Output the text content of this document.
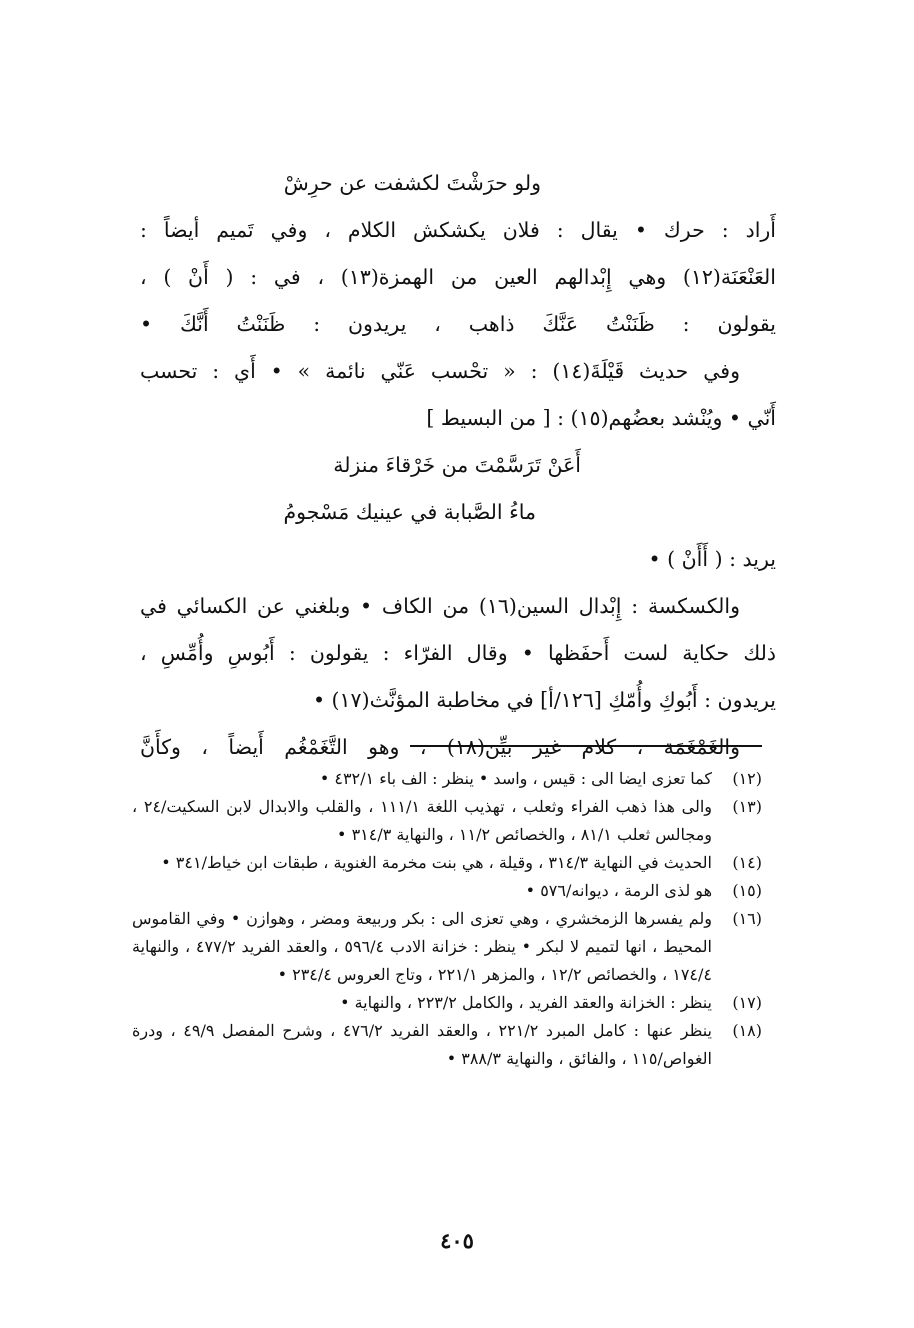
ولو حرَشْتَ لكشفت عن حرِشْ
أَراد : حرك • يقال : فلان يكشكش الكلام ، وفي تَميم أيضاً :
العَنْعَنَة(١٢) وهي إِبْدالهم العين من الهمزة(١٣) ، في : ( أَنْ ) ،
يقولون : ظَنَنْتُ عَنَّكَ ذاهب ، يريدون : ظَنَنْتُ أَنَّكَ •
وفي حديث قَيْلَةَ(١٤) : « تحْسب عَنّي نائمة » • أَي : تحسب
أَنّي • ويُنْشد بعضُهم(١٥) : [ من البسيط ]
أَعَنْ تَرَسَّمْتَ من خَرْقاءَ منزلة
ماءُ الصَّبابة في عينيك مَسْجومُ
يريد : ( أَأَنْ ) •
والكسكسة : إِبْدال السين(١٦) من الكاف • وبلغني عن الكسائي في
ذلك حكاية لست أَحفَظها • وقال الفرّاء : يقولون : أَبُوسِ وأُمِّسِ ،
يريدون : أَبُوكِ وأُمّكِ [١٢٦/أ] في مخاطبة المؤنَّث(١٧) •
والغَمْغَمَة ، كلام غير بيِّن(١٨) ، وهو التَّغَمْغُم أَيضاً ، وكأَنَّ
(١٢)
كما تعزى ايضا الى : قيس ، واسد • ينظر : الف باء ٤٣٢/١ •
(١٣)
والى هذا ذهب الفراء وثعلب ، تهذيب اللغة ١١١/١ ، والقلب والابدال لابن السكيت/٢٤ ، ومجالس ثعلب ٨١/١ ، والخصائص ١١/٢ ، والنهاية ٣١٤/٣ •
(١٤)
الحديث في النهاية ٣١٤/٣ ، وقيلة ، هي بنت مخرمة الغنوية ، طبقات ابن خياط/٣٤١ •
(١٥)
هو لذى الرمة ، ديوانه/٥٧٦ •
(١٦)
ولم يفسرها الزمخشري ، وهي تعزى الى : بكر وربيعة ومضر ، وهوازن • وفي القاموس المحيط ، انها لتميم لا لبكر • ينظر : خزانة الادب ٥٩٦/٤ ، والعقد الفريد ٤٧٧/٢ ، والنهاية ١٧٤/٤ ، والخصائص ١٢/٢ ، والمزهر ٢٢١/١ ، وتاج العروس ٢٣٤/٤ •
(١٧)
ينظر : الخزانة والعقد الفريد ، والكامل ٢٢٣/٢ ، والنهاية •
(١٨)
ينظر عنها : كامل المبرد ٢٢١/٢ ، والعقد الفريد ٤٧٦/٢ ، وشرح المفصل ٤٩/٩ ، ودرة الغواص/١١٥ ، والفائق ، والنهاية ٣٨٨/٣ •
٤٠٥
